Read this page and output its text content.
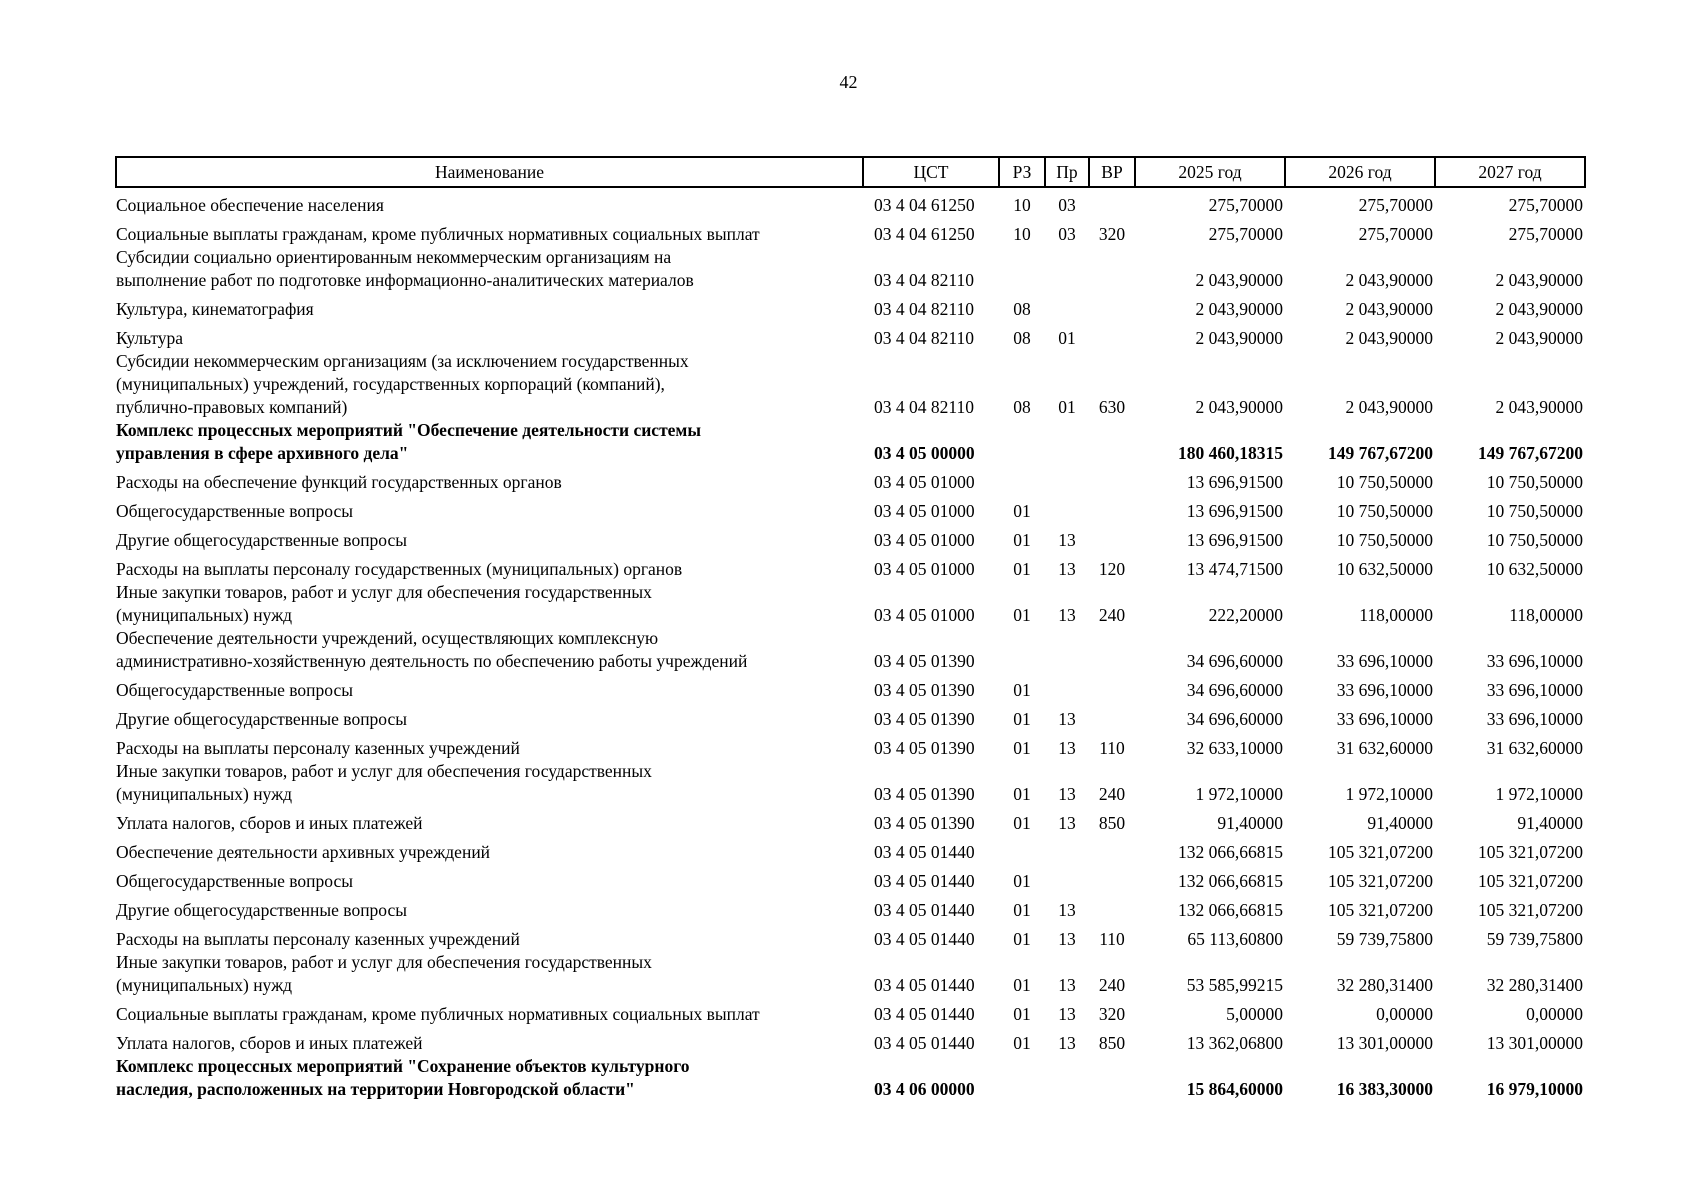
42
Наименование	ЦСТ	РЗ	Пр	ВР	2025 год	2026 год	2027 год
Социальное обеспечение населения	03 4 04 61250	10	03		275,70000	275,70000	275,70000
Социальные выплаты гражданам, кроме публичных нормативных социальных выплат	03 4 04 61250	10	03	320	275,70000	275,70000	275,70000
Субсидии социально ориентированным некоммерческим организациям на
выполнение работ по подготовке информационно-аналитических материалов	03 4 04 82110				2 043,90000	2 043,90000	2 043,90000
Культура, кинематография	03 4 04 82110	08			2 043,90000	2 043,90000	2 043,90000
Культура	03 4 04 82110	08	01		2 043,90000	2 043,90000	2 043,90000
Субсидии некоммерческим организациям (за исключением государственных
(муниципальных) учреждений, государственных корпораций (компаний),
публично-правовых компаний)	03 4 04 82110	08	01	630	2 043,90000	2 043,90000	2 043,90000
Комплекс процессных мероприятий "Обеспечение деятельности системы
управления в сфере архивного дела"	03 4 05 00000				180 460,18315	149 767,67200	149 767,67200
Расходы на обеспечение функций государственных органов	03 4 05 01000				13 696,91500	10 750,50000	10 750,50000
Общегосударственные вопросы	03 4 05 01000	01			13 696,91500	10 750,50000	10 750,50000
Другие общегосударственные вопросы	03 4 05 01000	01	13		13 696,91500	10 750,50000	10 750,50000
Расходы на выплаты персоналу государственных (муниципальных) органов	03 4 05 01000	01	13	120	13 474,71500	10 632,50000	10 632,50000
Иные закупки товаров, работ и услуг для обеспечения государственных
(муниципальных) нужд	03 4 05 01000	01	13	240	222,20000	118,00000	118,00000
Обеспечение деятельности учреждений, осуществляющих комплексную
административно-хозяйственную деятельность по обеспечению работы учреждений	03 4 05 01390				34 696,60000	33 696,10000	33 696,10000
Общегосударственные вопросы	03 4 05 01390	01			34 696,60000	33 696,10000	33 696,10000
Другие общегосударственные вопросы	03 4 05 01390	01	13		34 696,60000	33 696,10000	33 696,10000
Расходы на выплаты персоналу казенных учреждений	03 4 05 01390	01	13	110	32 633,10000	31 632,60000	31 632,60000
Иные закупки товаров, работ и услуг для обеспечения государственных
(муниципальных) нужд	03 4 05 01390	01	13	240	1 972,10000	1 972,10000	1 972,10000
Уплата налогов, сборов и иных платежей	03 4 05 01390	01	13	850	91,40000	91,40000	91,40000
Обеспечение деятельности архивных учреждений	03 4 05 01440				132 066,66815	105 321,07200	105 321,07200
Общегосударственные вопросы	03 4 05 01440	01			132 066,66815	105 321,07200	105 321,07200
Другие общегосударственные вопросы	03 4 05 01440	01	13		132 066,66815	105 321,07200	105 321,07200
Расходы на выплаты персоналу казенных учреждений	03 4 05 01440	01	13	110	65 113,60800	59 739,75800	59 739,75800
Иные закупки товаров, работ и услуг для обеспечения государственных
(муниципальных) нужд	03 4 05 01440	01	13	240	53 585,99215	32 280,31400	32 280,31400
Социальные выплаты гражданам, кроме публичных нормативных социальных выплат	03 4 05 01440	01	13	320	5,00000	0,00000	0,00000
Уплата налогов, сборов и иных платежей	03 4 05 01440	01	13	850	13 362,06800	13 301,00000	13 301,00000
Комплекс процессных мероприятий "Сохранение объектов культурного
наследия, расположенных на территории Новгородской области"	03 4 06 00000				15 864,60000	16 383,30000	16 979,10000
